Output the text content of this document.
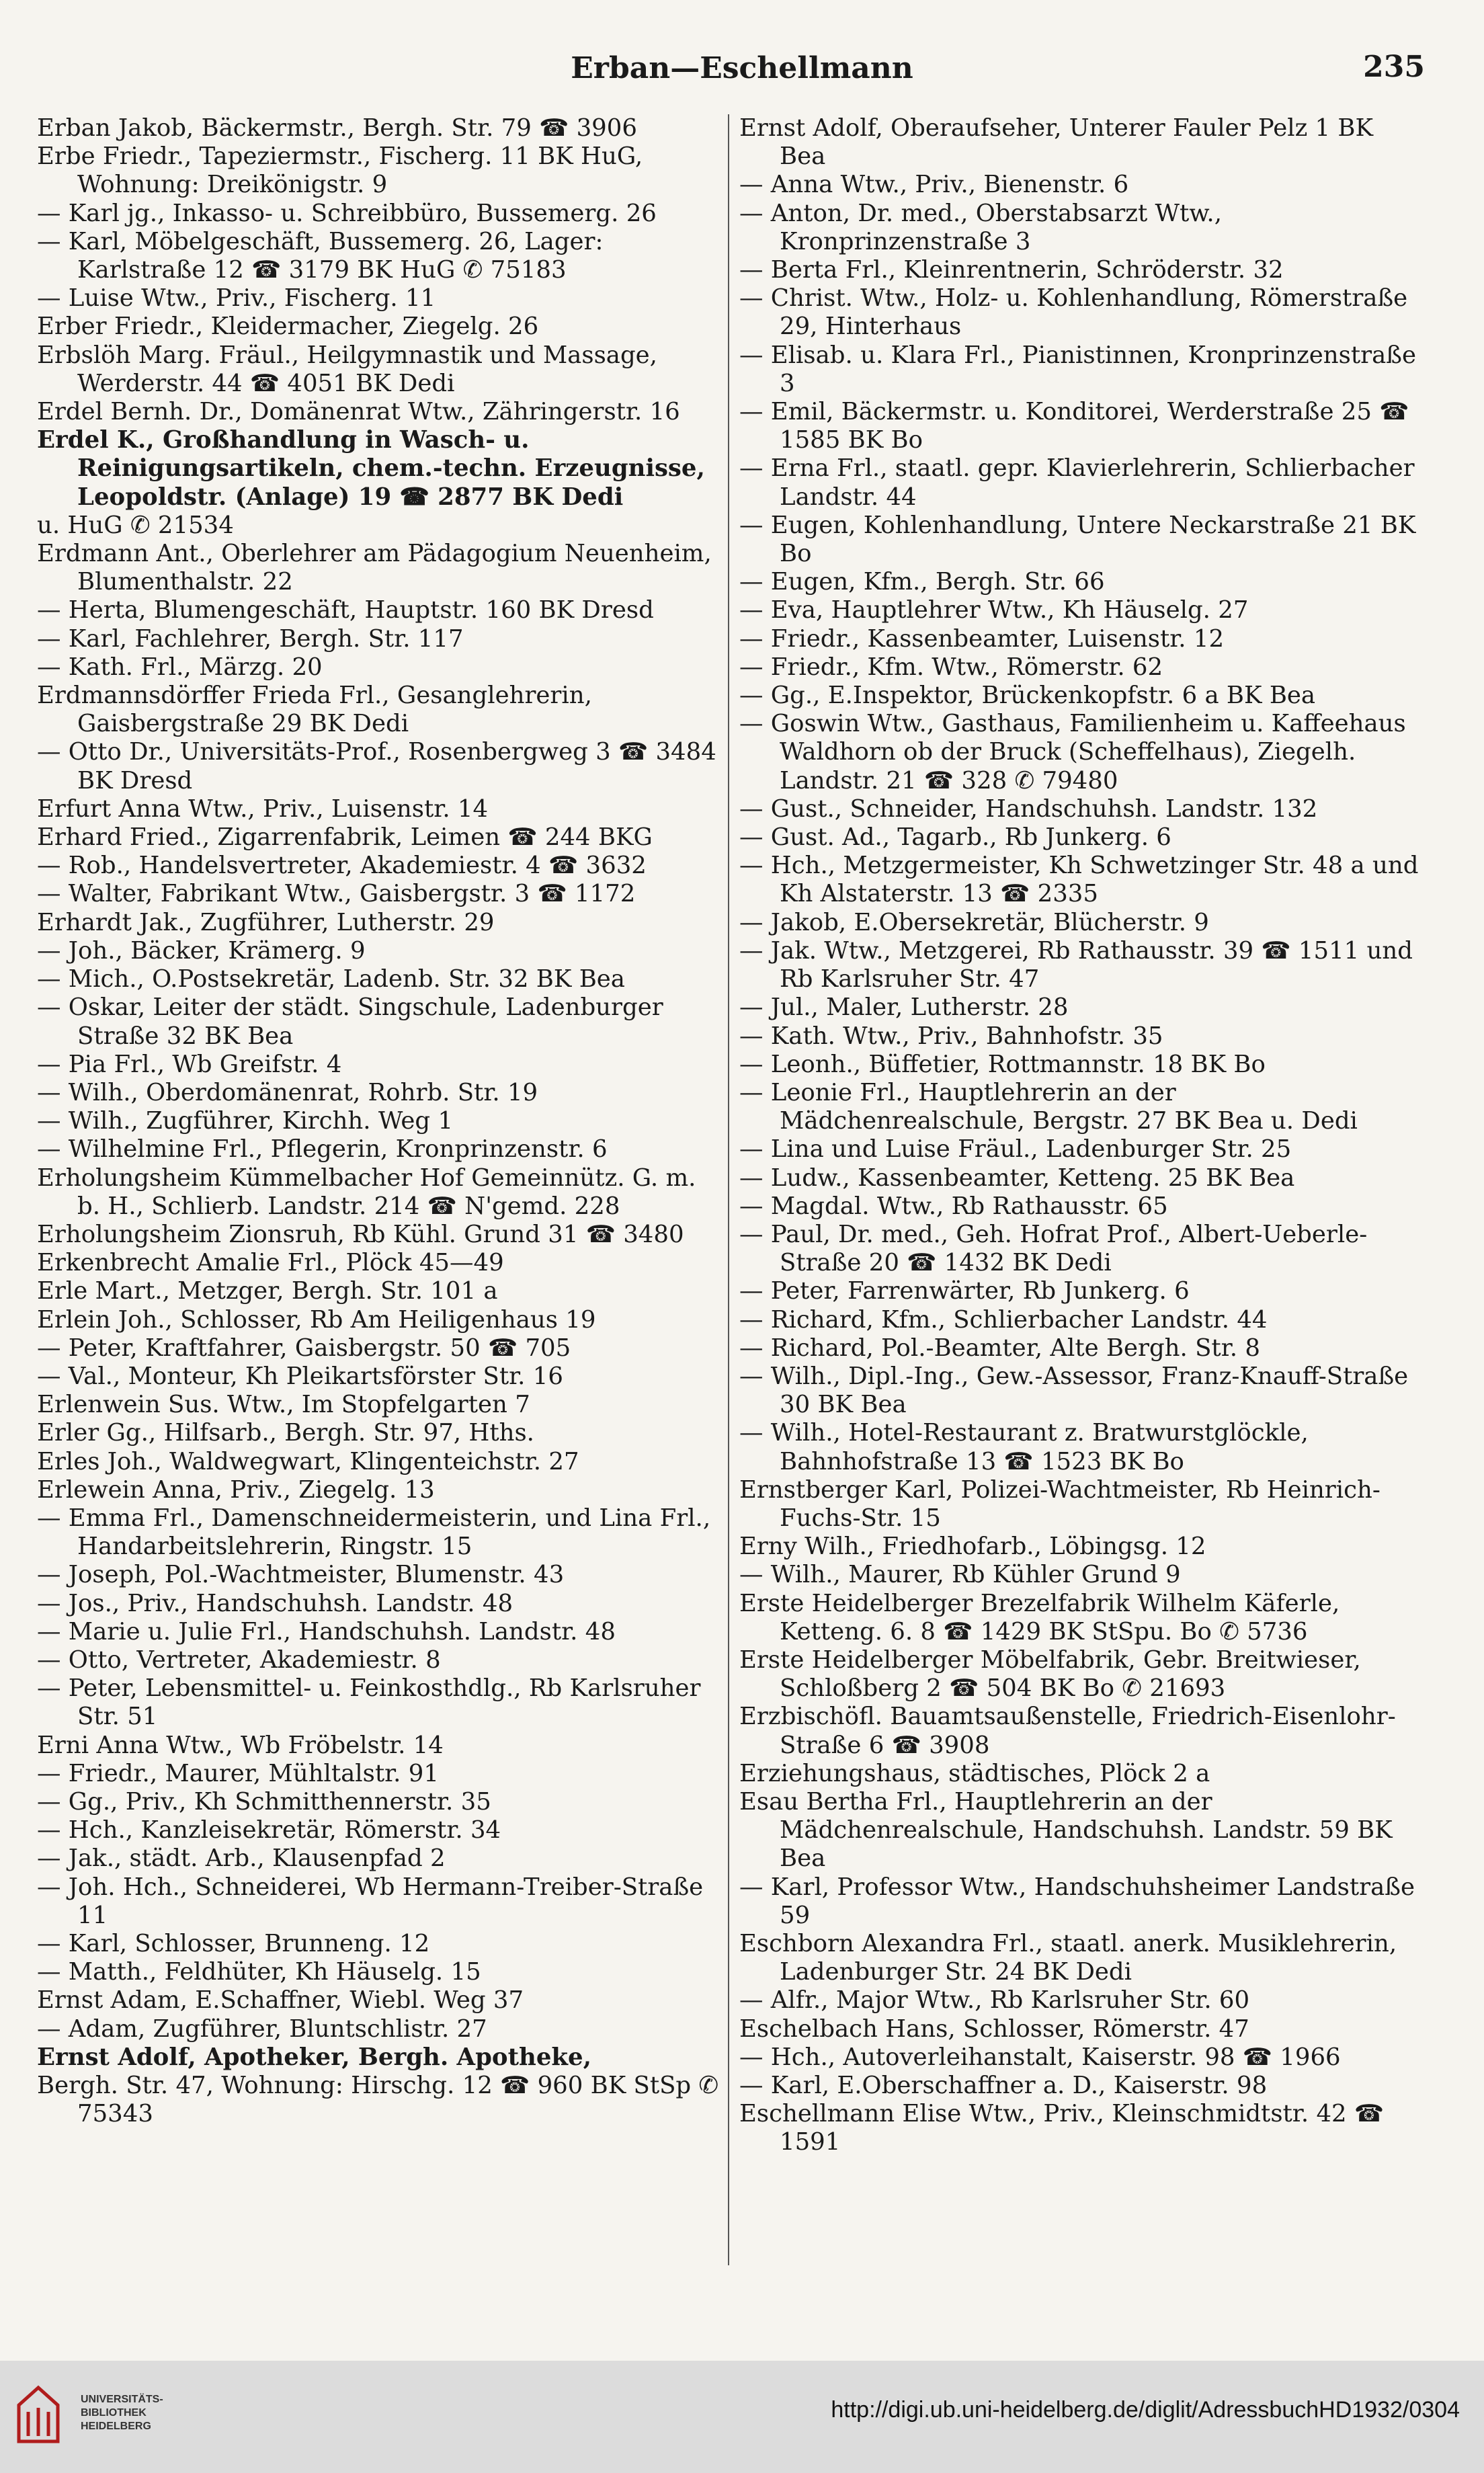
Erban—Eschellmann	235

Erban Jakob, Bäckermstr., Bergh. Str. 79 ☎ 3906

Erbe Friedr., Tapeziermstr., Fischerg. 11 BK HuG, Wohnung: Dreikönigstr. 9

— Karl jg., Inkasso- u. Schreibbüro, Bussemerg. 26

— Karl, Möbelgeschäft, Bussemerg. 26, Lager: Karlstraße 12 ☎ 3179 BK HuG ✆ 75183

— Luise Wtw., Priv., Fischerg. 11

Erber Friedr., Kleidermacher, Ziegelg. 26

Erbslöh Marg. Fräul., Heilgymnastik und Massage, Werderstr. 44 ☎ 4051 BK Dedi

Erdel Bernh. Dr., Domänenrat Wtw., Zähringerstr. 16

Erdel K., Großhandlung in Wasch- u. Reinigungsartikeln, chem.-techn. Erzeugnisse, Leopoldstr. (Anlage) 19 ☎ 2877 BK Dedi

u. HuG ✆ 21534

Erdmann Ant., Oberlehrer am Pädagogium Neuenheim, Blumenthalstr. 22

— Herta, Blumengeschäft, Hauptstr. 160 BK Dresd

— Karl, Fachlehrer, Bergh. Str. 117

— Kath. Frl., Märzg. 20

Erdmannsdörffer Frieda Frl., Gesanglehrerin, Gaisbergstraße 29 BK Dedi

— Otto Dr., Universitäts-Prof., Rosenbergweg 3 ☎ 3484 BK Dresd

Erfurt Anna Wtw., Priv., Luisenstr. 14

Erhard Fried., Zigarrenfabrik, Leimen ☎ 244 BKG

— Rob., Handelsvertreter, Akademiestr. 4 ☎ 3632

— Walter, Fabrikant Wtw., Gaisbergstr. 3 ☎ 1172

Erhardt Jak., Zugführer, Lutherstr. 29

— Joh., Bäcker, Krämerg. 9

— Mich., O.Postsekretär, Ladenb. Str. 32 BK Bea

— Oskar, Leiter der städt. Singschule, Ladenburger Straße 32 BK Bea

— Pia Frl., Wb Greifstr. 4

— Wilh., Oberdomänenrat, Rohrb. Str. 19

— Wilh., Zugführer, Kirchh. Weg 1

— Wilhelmine Frl., Pflegerin, Kronprinzenstr. 6

Erholungsheim Kümmelbacher Hof Gemeinnütz. G. m. b. H., Schlierb. Landstr. 214 ☎ N'gemd. 228

Erholungsheim Zionsruh, Rb Kühl. Grund 31 ☎ 3480

Erkenbrecht Amalie Frl., Plöck 45—49

Erle Mart., Metzger, Bergh. Str. 101 a

Erlein Joh., Schlosser, Rb Am Heiligenhaus 19

— Peter, Kraftfahrer, Gaisbergstr. 50 ☎ 705

— Val., Monteur, Kh Pleikartsförster Str. 16

Erlenwein Sus. Wtw., Im Stopfelgarten 7

Erler Gg., Hilfsarb., Bergh. Str. 97, Hths.

Erles Joh., Waldwegwart, Klingenteichstr. 27

Erlewein Anna, Priv., Ziegelg. 13

— Emma Frl., Damenschneidermeisterin, und Lina Frl., Handarbeitslehrerin, Ringstr. 15

— Joseph, Pol.-Wachtmeister, Blumenstr. 43

— Jos., Priv., Handschuhsh. Landstr. 48

— Marie u. Julie Frl., Handschuhsh. Landstr. 48

— Otto, Vertreter, Akademiestr. 8

— Peter, Lebensmittel- u. Feinkosthdlg., Rb Karlsruher Str. 51

Erni Anna Wtw., Wb Fröbelstr. 14

— Friedr., Maurer, Mühltalstr. 91

— Gg., Priv., Kh Schmitthennerstr. 35

— Hch., Kanzleisekretär, Römerstr. 34

— Jak., städt. Arb., Klausenpfad 2

— Joh. Hch., Schneiderei, Wb Hermann-Treiber-Straße 11

— Karl, Schlosser, Brunneng. 12

— Matth., Feldhüter, Kh Häuselg. 15

Ernst Adam, E.Schaffner, Wiebl. Weg 37

— Adam, Zugführer, Bluntschlistr. 27

Ernst Adolf, Apotheker, Bergh. Apotheke,

Bergh. Str. 47, Wohnung: Hirschg. 12 ☎ 960 BK StSp ✆ 75343

Ernst Adolf, Oberaufseher, Unterer Fauler Pelz 1 BK Bea

— Anna Wtw., Priv., Bienenstr. 6

— Anton, Dr. med., Oberstabsarzt Wtw., Kronprinzenstraße 3

— Berta Frl., Kleinrentnerin, Schröderstr. 32

— Christ. Wtw., Holz- u. Kohlenhandlung, Römerstraße 29, Hinterhaus

— Elisab. u. Klara Frl., Pianistinnen, Kronprinzenstraße 3

— Emil, Bäckermstr. u. Konditorei, Werderstraße 25 ☎ 1585 BK Bo

— Erna Frl., staatl. gepr. Klavierlehrerin, Schlierbacher Landstr. 44

— Eugen, Kohlenhandlung, Untere Neckarstraße 21 BK Bo

— Eugen, Kfm., Bergh. Str. 66

— Eva, Hauptlehrer Wtw., Kh Häuselg. 27

— Friedr., Kassenbeamter, Luisenstr. 12

— Friedr., Kfm. Wtw., Römerstr. 62

— Gg., E.Inspektor, Brückenkopfstr. 6 a BK Bea

— Goswin Wtw., Gasthaus, Familienheim u. Kaffeehaus Waldhorn ob der Bruck (Scheffelhaus), Ziegelh. Landstr. 21 ☎ 328 ✆ 79480

— Gust., Schneider, Handschuhsh. Landstr. 132

— Gust. Ad., Tagarb., Rb Junkerg. 6

— Hch., Metzgermeister, Kh Schwetzinger Str. 48 a und Kh Alstaterstr. 13 ☎ 2335

— Jakob, E.Obersekretär, Blücherstr. 9

— Jak. Wtw., Metzgerei, Rb Rathausstr. 39 ☎ 1511 und Rb Karlsruher Str. 47

— Jul., Maler, Lutherstr. 28

— Kath. Wtw., Priv., Bahnhofstr. 35

— Leonh., Büffetier, Rottmannstr. 18 BK Bo

— Leonie Frl., Hauptlehrerin an der Mädchenrealschule, Bergstr. 27 BK Bea u. Dedi

— Lina und Luise Fräul., Ladenburger Str. 25

— Ludw., Kassenbeamter, Ketteng. 25 BK Bea

— Magdal. Wtw., Rb Rathausstr. 65

— Paul, Dr. med., Geh. Hofrat Prof., Albert-Ueberle-Straße 20 ☎ 1432 BK Dedi

— Peter, Farrenwärter, Rb Junkerg. 6

— Richard, Kfm., Schlierbacher Landstr. 44

— Richard, Pol.-Beamter, Alte Bergh. Str. 8

— Wilh., Dipl.-Ing., Gew.-Assessor, Franz-Knauff-Straße 30 BK Bea

— Wilh., Hotel-Restaurant z. Bratwurstglöckle, Bahnhofstraße 13 ☎ 1523 BK Bo

Ernstberger Karl, Polizei-Wachtmeister, Rb Heinrich-Fuchs-Str. 15

Erny Wilh., Friedhofarb., Löbingsg. 12

— Wilh., Maurer, Rb Kühler Grund 9

Erste Heidelberger Brezelfabrik Wilhelm Käferle, Ketteng. 6. 8 ☎ 1429 BK StSpu. Bo ✆ 5736

Erste Heidelberger Möbelfabrik, Gebr. Breitwieser, Schloßberg 2 ☎ 504 BK Bo ✆ 21693

Erzbischöfl. Bauamtsaußenstelle, Friedrich-Eisenlohr-Straße 6 ☎ 3908

Erziehungshaus, städtisches, Plöck 2 a

Esau Bertha Frl., Hauptlehrerin an der Mädchenrealschule, Handschuhsh. Landstr. 59 BK Bea

— Karl, Professor Wtw., Handschuhsheimer Landstraße 59

Eschborn Alexandra Frl., staatl. anerk. Musiklehrerin, Ladenburger Str. 24 BK Dedi

— Alfr., Major Wtw., Rb Karlsruher Str. 60

Eschelbach Hans, Schlosser, Römerstr. 47

— Hch., Autoverleihanstalt, Kaiserstr. 98 ☎ 1966

— Karl, E.Oberschaffner a. D., Kaiserstr. 98

Eschellmann Elise Wtw., Priv., Kleinschmidtstr. 42 ☎ 1591

UNIVERSITÄTS-
BIBLIOTHEK
HEIDELBERG
http://digi.ub.uni-heidelberg.de/diglit/AdressbuchHD1932/0304
